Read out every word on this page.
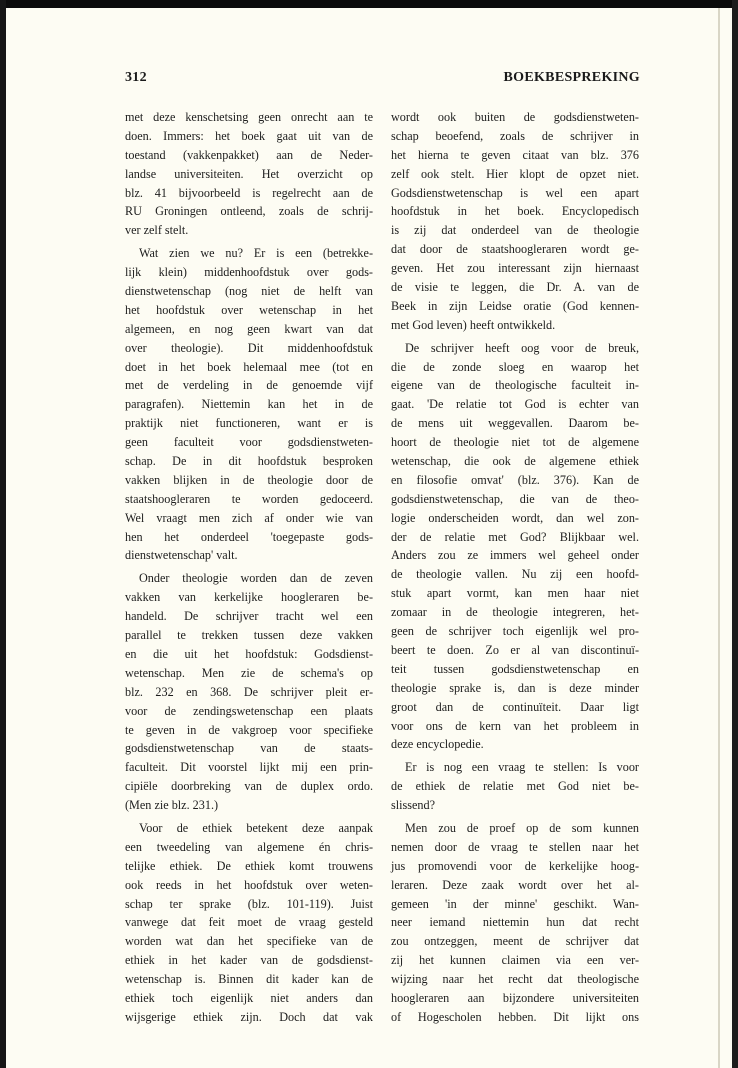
312	BOEKBESPREKING
met deze kenschetsing geen onrecht aan te
doen. Immers: het boek gaat uit van de
toestand (vakkenpakket) aan de Neder-
landse universiteiten. Het overzicht op
blz. 41 bijvoorbeeld is regelrecht aan de
RU Groningen ontleend, zoals de schrij-
ver zelf stelt.
Wat zien we nu? Er is een (betrekke-
lijk klein) middenhoofdstuk over gods-
dienstwetenschap (nog niet de helft van
het hoofdstuk over wetenschap in het
algemeen, en nog geen kwart van dat
over theologie). Dit middenhoofdstuk
doet in het boek helemaal mee (tot en
met de verdeling in de genoemde vijf
paragrafen). Niettemin kan het in de
praktijk niet functioneren, want er is
geen faculteit voor godsdienstweten-
schap. De in dit hoofdstuk besproken
vakken blijken in de theologie door de
staatshoogleraren te worden gedoceerd.
Wel vraagt men zich af onder wie van
hen het onderdeel 'toegepaste gods-
dienstwetenschap' valt.
Onder theologie worden dan de zeven
vakken van kerkelijke hoogleraren be-
handeld. De schrijver tracht wel een
parallel te trekken tussen deze vakken
en die uit het hoofdstuk: Godsdienst-
wetenschap. Men zie de schema's op
blz. 232 en 368. De schrijver pleit er-
voor de zendingswetenschap een plaats
te geven in de vakgroep voor specifieke
godsdienstwetenschap van de staats-
faculteit. Dit voorstel lijkt mij een prin-
cipiële doorbreking van de duplex ordo.
(Men zie blz. 231.)
Voor de ethiek betekent deze aanpak
een tweedeling van algemene én chris-
telijke ethiek. De ethiek komt trouwens
ook reeds in het hoofdstuk over weten-
schap ter sprake (blz. 101-119). Juist
vanwege dat feit moet de vraag gesteld
worden wat dan het specifieke van de
ethiek in het kader van de godsdienst-
wetenschap is. Binnen dit kader kan de
ethiek toch eigenlijk niet anders dan
wijsgerige ethiek zijn. Doch dat vak
wordt ook buiten de godsdienstweten-
schap beoefend, zoals de schrijver in
het hierna te geven citaat van blz. 376
zelf ook stelt. Hier klopt de opzet niet.
Godsdienstwetenschap is wel een apart
hoofdstuk in het boek. Encyclopedisch
is zij dat onderdeel van de theologie
dat door de staatshoogleraren wordt ge-
geven. Het zou interessant zijn hiernaast
de visie te leggen, die Dr. A. van de
Beek in zijn Leidse oratie (God kennen-
met God leven) heeft ontwikkeld.
De schrijver heeft oog voor de breuk,
die de zonde sloeg en waarop het
eigene van de theologische faculteit in-
gaat. 'De relatie tot God is echter van
de mens uit weggevallen. Daarom be-
hoort de theologie niet tot de algemene
wetenschap, die ook de algemene ethiek
en filosofie omvat' (blz. 376). Kan de
godsdienstwetenschap, die van de theo-
logie onderscheiden wordt, dan wel zon-
der de relatie met God? Blijkbaar wel.
Anders zou ze immers wel geheel onder
de theologie vallen. Nu zij een hoofd-
stuk apart vormt, kan men haar niet
zomaar in de theologie integreren, het-
geen de schrijver toch eigenlijk wel pro-
beert te doen. Zo er al van discontinuï-
teit tussen godsdienstwetenschap en
theologie sprake is, dan is deze minder
groot dan de continuïteit. Daar ligt
voor ons de kern van het probleem in
deze encyclopedie.
Er is nog een vraag te stellen: Is voor
de ethiek de relatie met God niet be-
slissend?
Men zou de proef op de som kunnen
nemen door de vraag te stellen naar het
jus promovendi voor de kerkelijke hoog-
leraren. Deze zaak wordt over het al-
gemeen 'in der minne' geschikt. Wan-
neer iemand niettemin hun dat recht
zou ontzeggen, meent de schrijver dat
zij het kunnen claimen via een ver-
wijzing naar het recht dat theologische
hoogleraren aan bijzondere universiteiten
of Hogescholen hebben. Dit lijkt ons
